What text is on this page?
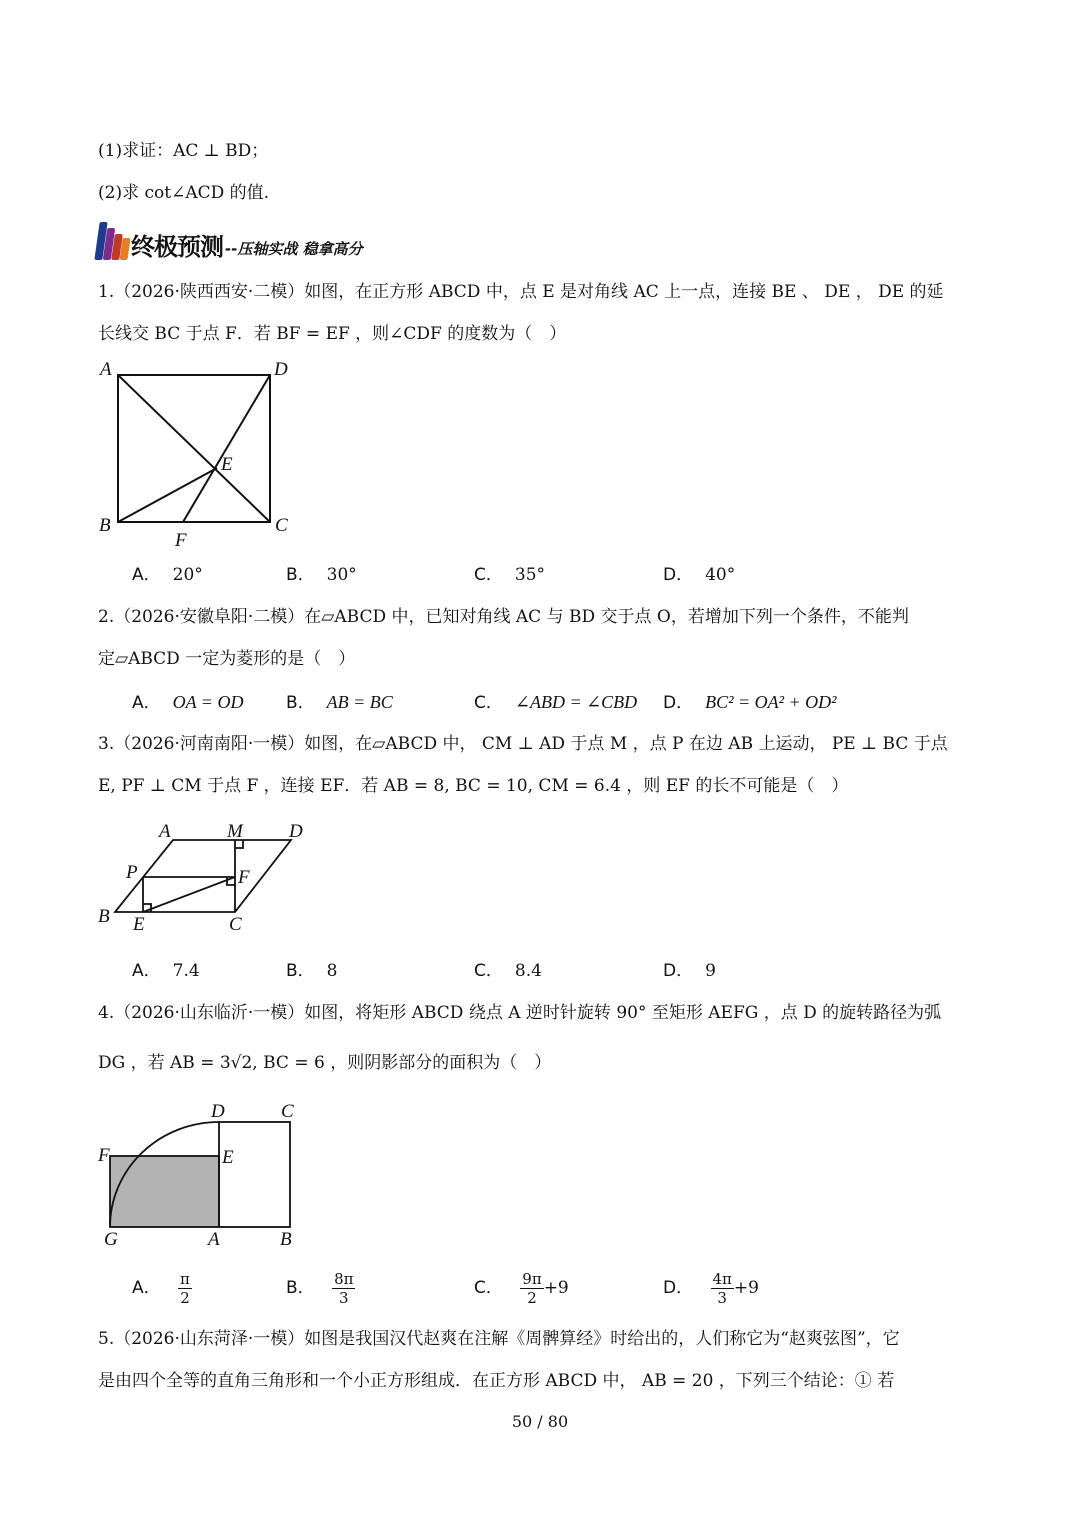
(1)求证：AC ⊥ BD；
(2)求 cot∠ACD 的值.
终极预测 --压轴实战 稳拿高分
1.（2026·陕西西安·二模）如图，在正方形 ABCD 中，点 E 是对角线 AC 上一点，连接 BE 、 DE ， DE 的延
长线交 BC 于点 F．若 BF = EF ，则∠CDF 的度数为（　）
A	D
E
B
F
C
A． 20°	B． 30°	C． 35°	D． 40°
2.（2026·安徽阜阳·二模）在▱ABCD 中，已知对角线 AC 与 BD 交于点 O，若增加下列一个条件，不能判
定▱ABCD 一定为菱形的是（　）
A． OA = OD	B． AB = BC	C． ∠ABD = ∠CBD D． BC² = OA² + OD²
3.（2026·河南南阳·一模）如图，在▱ABCD 中， CM ⊥ AD 于点 M ，点 P 在边 AB 上运动， PE ⊥ BC 于点
E, PF ⊥ CM 于点 F ，连接 EF．若 AB = 8, BC = 10, CM = 6.4 ，则 EF 的长不可能是（　）
A	M D
P	F
B E	C
A． 7.4	B． 8	C． 8.4	D． 9
4.（2026·山东临沂·一模）如图，将矩形 ABCD 绕点 A 逆时针旋转 90° 至矩形 AEFG ，点 D 的旋转路径为弧
DG ，若 AB = 3√2, BC = 6 ，则阴影部分的面积为（　）
D	C
F	E
G	A	B
A． $\frac{\pi}{2}$	B． $\frac{8\pi}{3}$	C． $\frac{9\pi}{2} +9$	D． $\frac{4\pi}{3} +9$
5.（2026·山东菏泽·一模）如图是我国汉代赵爽在注解《周髀算经》时给出的，人们称它为“赵爽弦图”，它
是由四个全等的直角三角形和一个小正方形组成．在正方形 ABCD 中， AB = 20 ，下列三个结论：① 若
50 / 80
